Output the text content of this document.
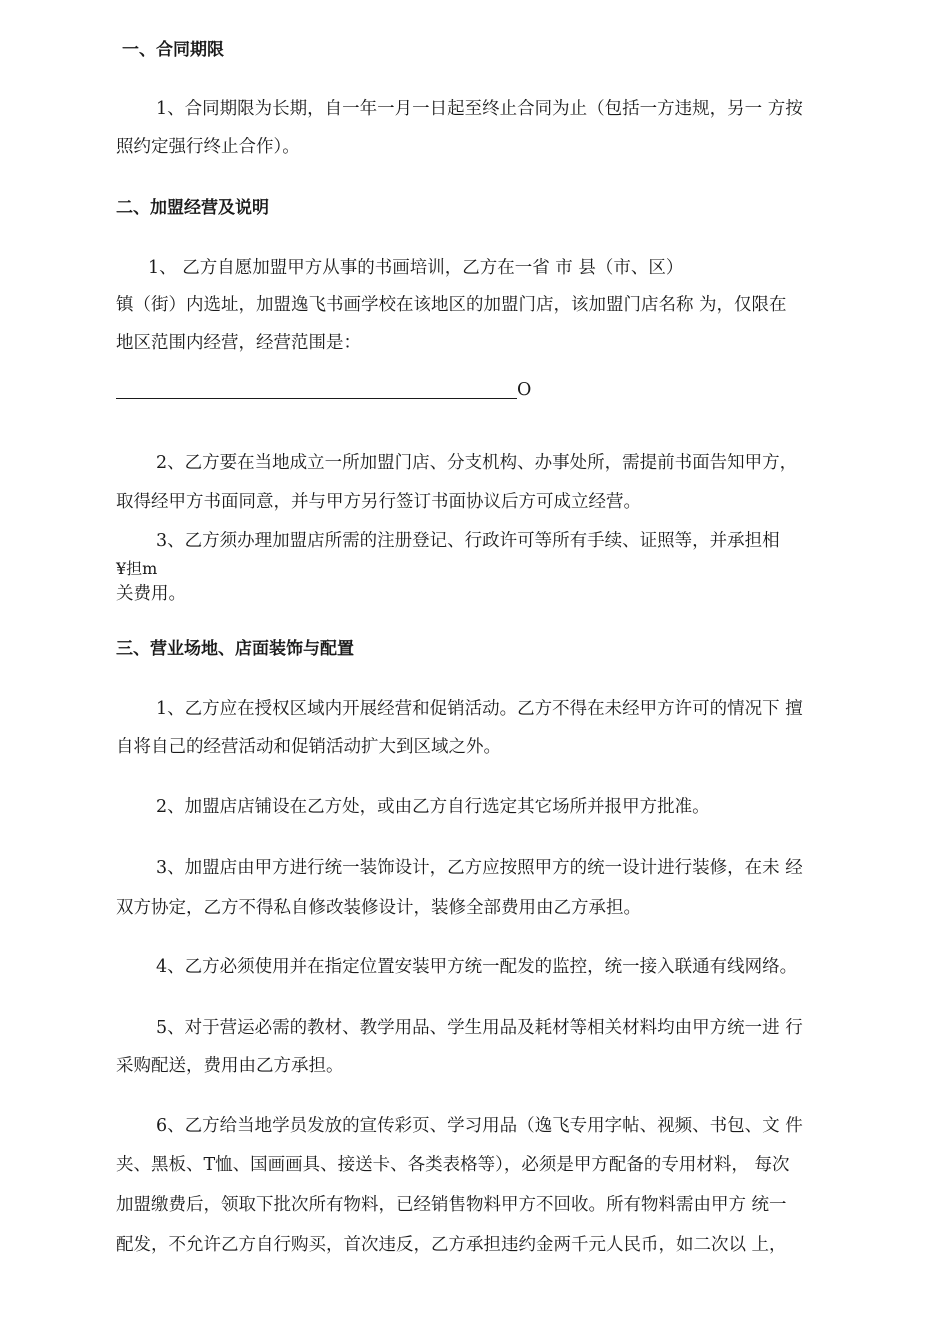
一、合同期限
1、合同期限为长期，自一年一月一日起至终止合同为止（包括一方违规，另一 方按
照约定强行终止合作）。
二、加盟经营及说明
1、 乙方自愿加盟甲方从事的书画培训，乙方在一省 市 县（市、区）
镇（街）内选址，加盟逸飞书画学校在该地区的加盟门店，该加盟门店名称 为，仅限在
地区范围内经营，经营范围是：
O
2、乙方要在当地成立一所加盟门店、分支机构、办事处所，需提前书面告知甲方，
取得经甲方书面同意，并与甲方另行签订书面协议后方可成立经营。
3、乙方须办理加盟店所需的注册登记、行政许可等所有手续、证照等，并承担相
¥担m
关费用。
三、营业场地、店面装饰与配置
1、乙方应在授权区域内开展经营和促销活动。乙方不得在未经甲方许可的情况下 擅
自将自己的经营活动和促销活动扩大到区域之外。
2、加盟店店铺设在乙方处，或由乙方自行选定其它场所并报甲方批准。
3、加盟店由甲方进行统一装饰设计，乙方应按照甲方的统一设计进行装修，在未 经
双方协定，乙方不得私自修改装修设计，装修全部费用由乙方承担。
4、乙方必须使用并在指定位置安装甲方统一配发的监控，统一接入联通有线网络。
5、对于营运必需的教材、教学用品、学生用品及耗材等相关材料均由甲方统一进 行
采购配送，费用由乙方承担。
6、乙方给当地学员发放的宣传彩页、学习用品（逸飞专用字帖、视频、书包、文 件
夹、黑板、T恤、国画画具、接送卡、各类表格等），必须是甲方配备的专用材料， 每次
加盟缴费后，领取下批次所有物料，已经销售物料甲方不回收。所有物料需由甲方 统一
配发，不允许乙方自行购买，首次违反，乙方承担违约金两千元人民币，如二次以 上，
